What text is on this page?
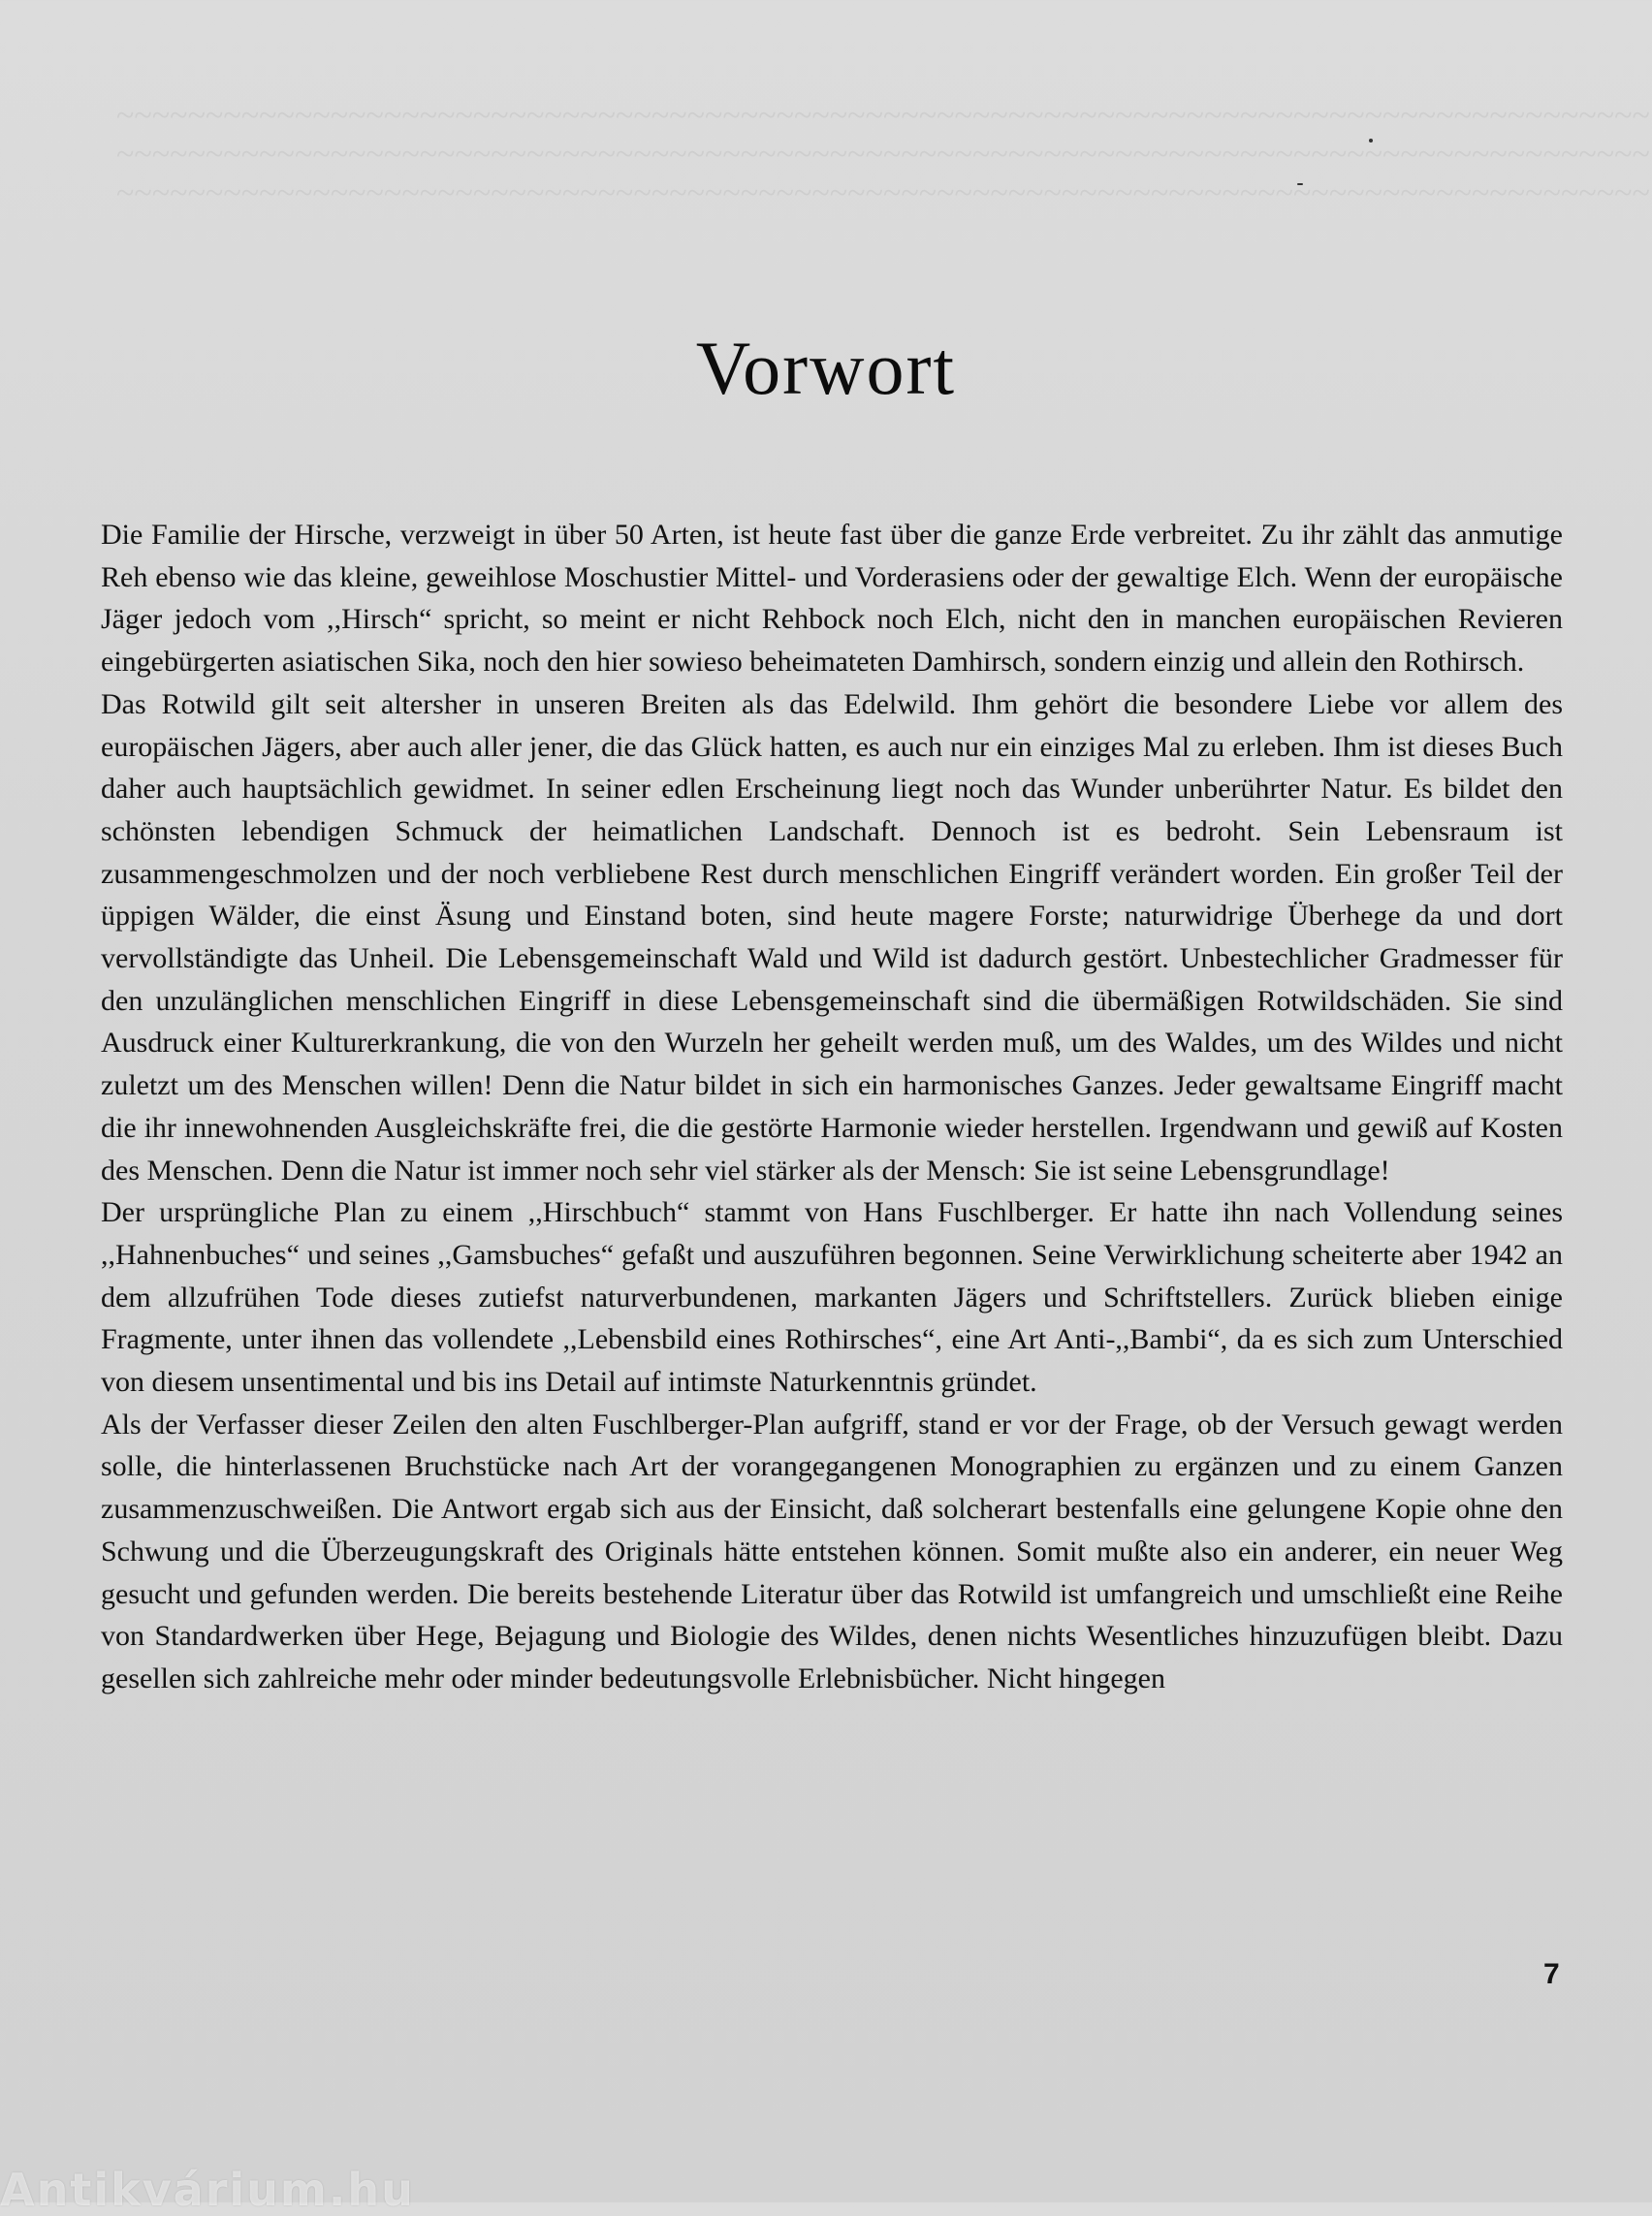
~~~~~~~~~~~~~~~~~~~~~~~~~~~~~~~~~~~~~~~~~~~~~~~~~~~~~~~~~~~~~~~~~~~~~~~~~~~~~~~~~~~~~~ ~~~~~~~~~~~~~~~~~~~~~~~~~~~~~~~~~~~~~~~~~~~~~~~~~~~~~~~~~~~~~~~~~~~~~~~~~~~~~~~~~~~~~~ ~~~~~~~~~~~~~~~~~~~~~~~~~~~~~~~~~~~~~~~~~~~~~~~~~~~~~~~~~~~~~~~~~~~~~~~~~~~~~~~~~~~~~~
Vorwort

Die Familie der Hirsche, verzweigt in über 50 Arten, ist heute fast über die ganze Erde verbreitet. Zu ihr zählt das anmutige Reh ebenso wie das kleine, geweihlose Moschustier Mittel- und Vorderasiens oder der gewaltige Elch. Wenn der europäische Jäger jedoch vom ,,Hirsch“ spricht, so meint er nicht Rehbock noch Elch, nicht den in manchen europäischen Revieren eingebürgerten asiatischen Sika, noch den hier sowieso beheimateten Damhirsch, sondern einzig und allein den Rothirsch.

Das Rotwild gilt seit altersher in unseren Breiten als das Edelwild. Ihm gehört die besondere Liebe vor allem des europäischen Jägers, aber auch aller jener, die das Glück hatten, es auch nur ein einziges Mal zu erleben. Ihm ist dieses Buch daher auch hauptsächlich gewidmet. In seiner edlen Erscheinung liegt noch das Wunder unberührter Natur. Es bildet den schönsten lebendigen Schmuck der heimatlichen Landschaft. Dennoch ist es bedroht. Sein Lebensraum ist zusammengeschmolzen und der noch verbliebene Rest durch menschlichen Eingriff verändert worden. Ein großer Teil der üppigen Wälder, die einst Äsung und Einstand boten, sind heute magere Forste; naturwidrige Überhege da und dort vervollständigte das Unheil. Die Lebensgemeinschaft Wald und Wild ist dadurch gestört. Unbestechlicher Gradmesser für den unzulänglichen menschlichen Eingriff in diese Lebensgemeinschaft sind die übermäßigen Rotwildschäden. Sie sind Ausdruck einer Kulturerkrankung, die von den Wurzeln her geheilt werden muß, um des Waldes, um des Wildes und nicht zuletzt um des Menschen willen! Denn die Natur bildet in sich ein harmonisches Ganzes. Jeder gewaltsame Eingriff macht die ihr innewohnenden Ausgleichskräfte frei, die die gestörte Harmonie wieder herstellen. Irgendwann und gewiß auf Kosten des Menschen. Denn die Natur ist immer noch sehr viel stärker als der Mensch: Sie ist seine Lebensgrundlage!

Der ursprüngliche Plan zu einem ,,Hirschbuch“ stammt von Hans Fuschlberger. Er hatte ihn nach Vollendung seines ,,Hahnenbuches“ und seines ,,Gamsbuches“ gefaßt und auszuführen begonnen. Seine Verwirklichung scheiterte aber 1942 an dem allzufrühen Tode dieses zutiefst naturverbundenen, markanten Jägers und Schriftstellers. Zurück blieben einige Fragmente, unter ihnen das vollendete ,,Lebensbild eines Rothirsches“, eine Art Anti-,,Bambi“, da es sich zum Unterschied von diesem unsentimental und bis ins Detail auf intimste Naturkenntnis gründet.

Als der Verfasser dieser Zeilen den alten Fuschlberger-Plan aufgriff, stand er vor der Frage, ob der Versuch gewagt werden solle, die hinterlassenen Bruchstücke nach Art der vorangegangenen Monographien zu ergänzen und zu einem Ganzen zusammenzuschweißen. Die Antwort ergab sich aus der Einsicht, daß solcherart bestenfalls eine gelungene Kopie ohne den Schwung und die Überzeugungskraft des Originals hätte entstehen können. Somit mußte also ein anderer, ein neuer Weg gesucht und gefunden werden. Die bereits bestehende Literatur über das Rotwild ist umfangreich und umschließt eine Reihe von Standardwerken über Hege, Bejagung und Biologie des Wildes, denen nichts Wesentliches hinzuzufügen bleibt. Dazu gesellen sich zahlreiche mehr oder minder bedeutungsvolle Erlebnisbücher. Nicht hingegen

7
Antikvárium.hu
